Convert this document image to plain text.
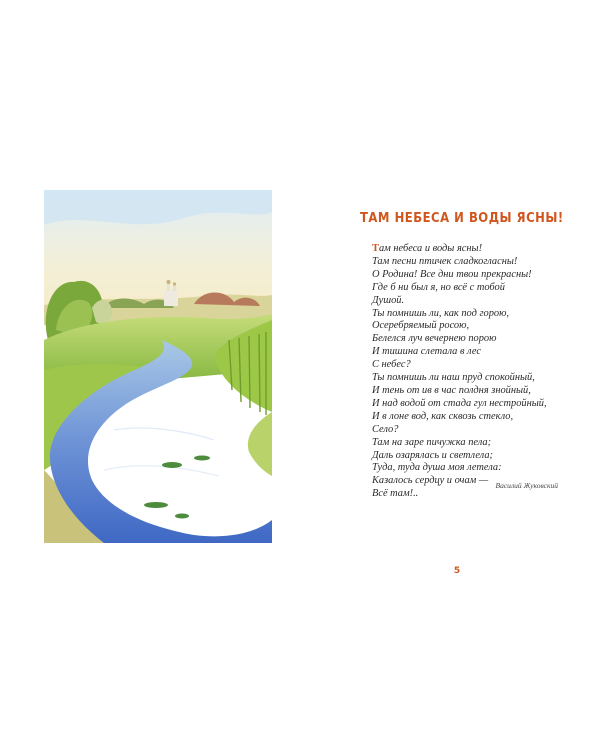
ТАМ НЕБЕСА И ВОДЫ ЯСНЫ!
Там небеса и воды ясны!
Там песни птичек сладкогласны!
О Родина! Все дни твои прекрасны!
Где б ни был я, но всё с тобой
Душой.
Ты помнишь ли, как под горою,
Осеребряемый росою,
Белелся луч вечернею порою
И тишина слетала в лес
С небес?
Ты помнишь ли наш пруд спокойный,
И тень от ив в час полдня знойный,
И над водой от стада гул нестройный,
И в лоне вод, как сквозь стекло,
Село?
Там на заре пичужка пела;
Даль озарялась и светлела;
Туда, туда душа моя летела:
Казалось сердцу и очам —
Всё там!..
Василий Жуковский
5
